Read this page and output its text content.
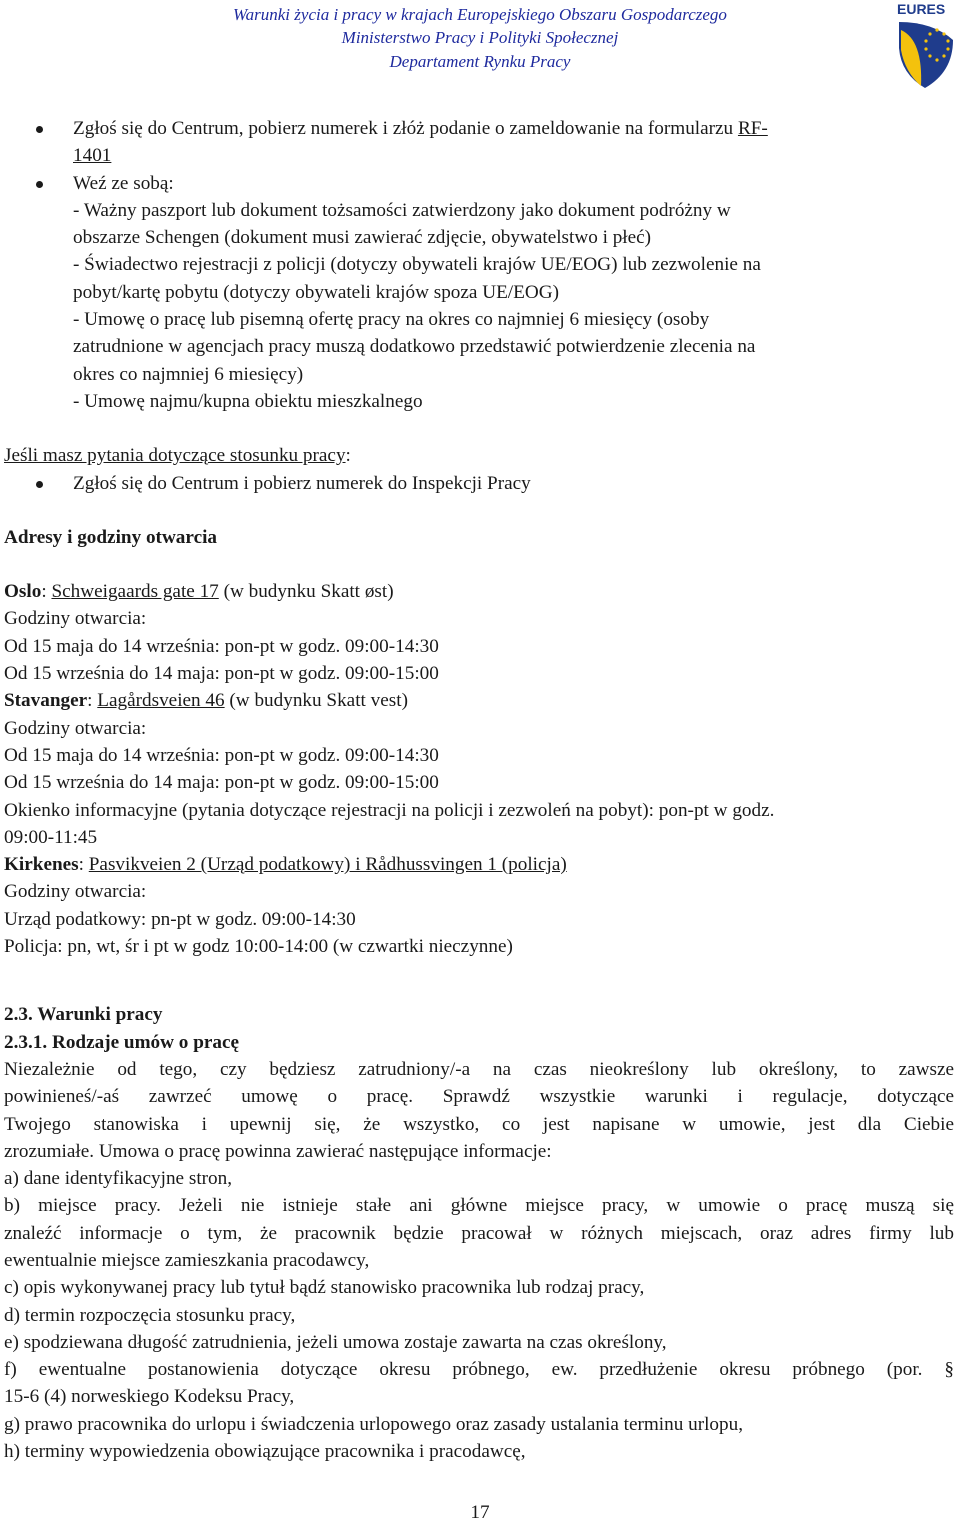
Warunki życia i pracy w krajach Europejskiego Obszaru Gospodarczego
Ministerstwo Pracy i Polityki Społecznej
Departament Rynku Pracy
EURES
Zgłoś się do Centrum, pobierz numerek i złóż podanie o zameldowanie na formularzu RF-
1401
Weź ze sobą:
- Ważny paszport lub dokument tożsamości zatwierdzony jako dokument podróżny w
obszarze Schengen (dokument musi zawierać zdjęcie, obywatelstwo i płeć)
- Świadectwo rejestracji z policji (dotyczy obywateli krajów UE/EOG) lub zezwolenie na
pobyt/kartę pobytu (dotyczy obywateli krajów spoza UE/EOG)
- Umowę o pracę lub pisemną ofertę pracy na okres co najmniej 6 miesięcy (osoby
zatrudnione w agencjach pracy muszą dodatkowo przedstawić potwierdzenie zlecenia na
okres co najmniej 6 miesięcy)
- Umowę najmu/kupna obiektu mieszkalnego
Jeśli masz pytania dotyczące stosunku pracy:
Zgłoś się do Centrum i pobierz numerek do Inspekcji Pracy
Adresy i godziny otwarcia
Oslo: Schweigaards gate 17 (w budynku Skatt øst)
Godziny otwarcia:
Od 15 maja do 14 września: pon-pt w godz. 09:00-14:30
Od 15 września do 14 maja: pon-pt w godz. 09:00-15:00
Stavanger: Lagårdsveien 46 (w budynku Skatt vest)
Godziny otwarcia:
Od 15 maja do 14 września: pon-pt w godz. 09:00-14:30
Od 15 września do 14 maja: pon-pt w godz. 09:00-15:00
Okienko informacyjne (pytania dotyczące rejestracji na policji i zezwoleń na pobyt): pon-pt w godz.
09:00-11:45
Kirkenes: Pasvikveien 2 (Urząd podatkowy) i Rådhussvingen 1 (policja)
Godziny otwarcia:
Urząd podatkowy: pn-pt w godz. 09:00-14:30
Policja: pn, wt, śr i pt w godz 10:00-14:00 (w czwartki nieczynne)
2.3. Warunki pracy
2.3.1. Rodzaje umów o pracę
Niezależnie od tego, czy będziesz zatrudniony/-a na czas nieokreślony lub określony, to zawsze
powinieneś/-aś zawrzeć umowę o pracę. Sprawdź wszystkie warunki i regulacje, dotyczące
Twojego stanowiska i upewnij się, że wszystko, co jest napisane w umowie, jest dla Ciebie
zrozumiałe. Umowa o pracę powinna zawierać następujące informacje:
a) dane identyfikacyjne stron,
b) miejsce pracy. Jeżeli nie istnieje stałe ani główne miejsce pracy, w umowie o pracę muszą się
znaleźć informacje o tym, że pracownik będzie pracował w różnych miejscach, oraz adres firmy lub
ewentualnie miejsce zamieszkania pracodawcy,
c) opis wykonywanej pracy lub tytuł bądź stanowisko pracownika lub rodzaj pracy,
d) termin rozpoczęcia stosunku pracy,
e) spodziewana długość zatrudnienia, jeżeli umowa zostaje zawarta na czas określony,
f) ewentualne postanowienia dotyczące okresu próbnego, ew. przedłużenie okresu próbnego (por. §
15-6 (4) norweskiego Kodeksu Pracy,
g) prawo pracownika do urlopu i świadczenia urlopowego oraz zasady ustalania terminu urlopu,
h) terminy wypowiedzenia obowiązujące pracownika i pracodawcę,
17
